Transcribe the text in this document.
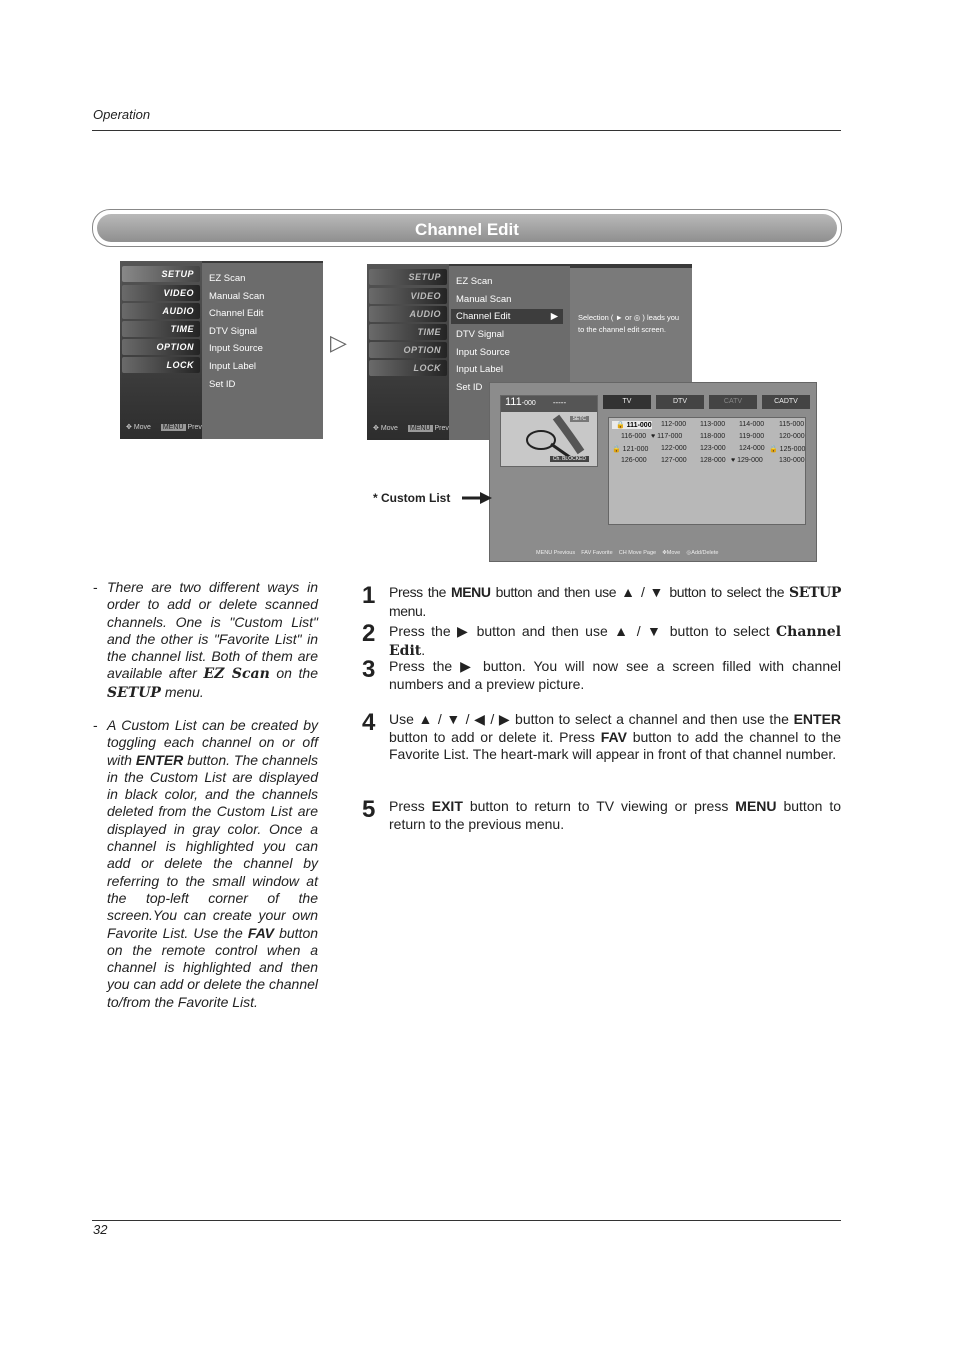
Operation
Channel Edit
SETUP
VIDEO
AUDIO
TIME
OPTION
LOCK
✥ Move MENU Prev
EZ Scan
Manual Scan
Channel Edit
DTV Signal
Input Source
Input Label
Set ID
▷
SETUP
VIDEO
AUDIO
TIME
OPTION
LOCK
✥ Move MENU Prev
EZ Scan
Manual Scan
Channel Edit	▶
DTV Signal
Input Source
Input Label
Set ID
Selection ( ► or ◎ ) leads you to the channel edit screen.
111-000 -----
SETC
Ch. BLOCKED
TV	DTV	CATV	CADTV
🔒 111-000 112-000 113-000 114-000 115-000
116-000 ♥ 117-000	118-000 119-000 120-000
🔒 121-000 122-000 123-000 124-000 🔒 125-000
126-000 127-000 128-000 ♥ 129-000 130-000
MENU Previous FAV Favorite CH Move Page ✥Move ◎Add/Delete
* Custom List
- There are two different ways in order to add or delete scanned channels. One is "Custom List" and the other is "Favorite List" in the channel list. Both of them are available after EZ Scan on the SETUP menu.
- A Custom List can be created by toggling each channel on or off with ENTER button. The channels in the Custom List are displayed in black color, and the channels deleted from the Custom List are displayed in gray color. Once a channel is highlighted you can add or delete the channel by referring to the small window at the top-left corner of the screen.You can create your own Favorite List. Use the FAV button on the remote control when a channel is highlighted and then you can add or delete the channel to/from the Favorite List.
1 Press the MENU button and then use ▲ / ▼ button to select the SETUP menu.
2 Press the ▶ button and then use ▲ / ▼ button to select Channel Edit.
3 Press the ▶ button. You will now see a screen filled with channel numbers and a preview picture.
4 Use ▲ / ▼ / ◀ / ▶ button to select a channel and then use the ENTER button to add or delete it. Press FAV button to add the channel to the Favorite List. The heart-mark will appear in front of that channel number.
5 Press EXIT button to return to TV viewing or press MENU button to return to the previous menu.
32
